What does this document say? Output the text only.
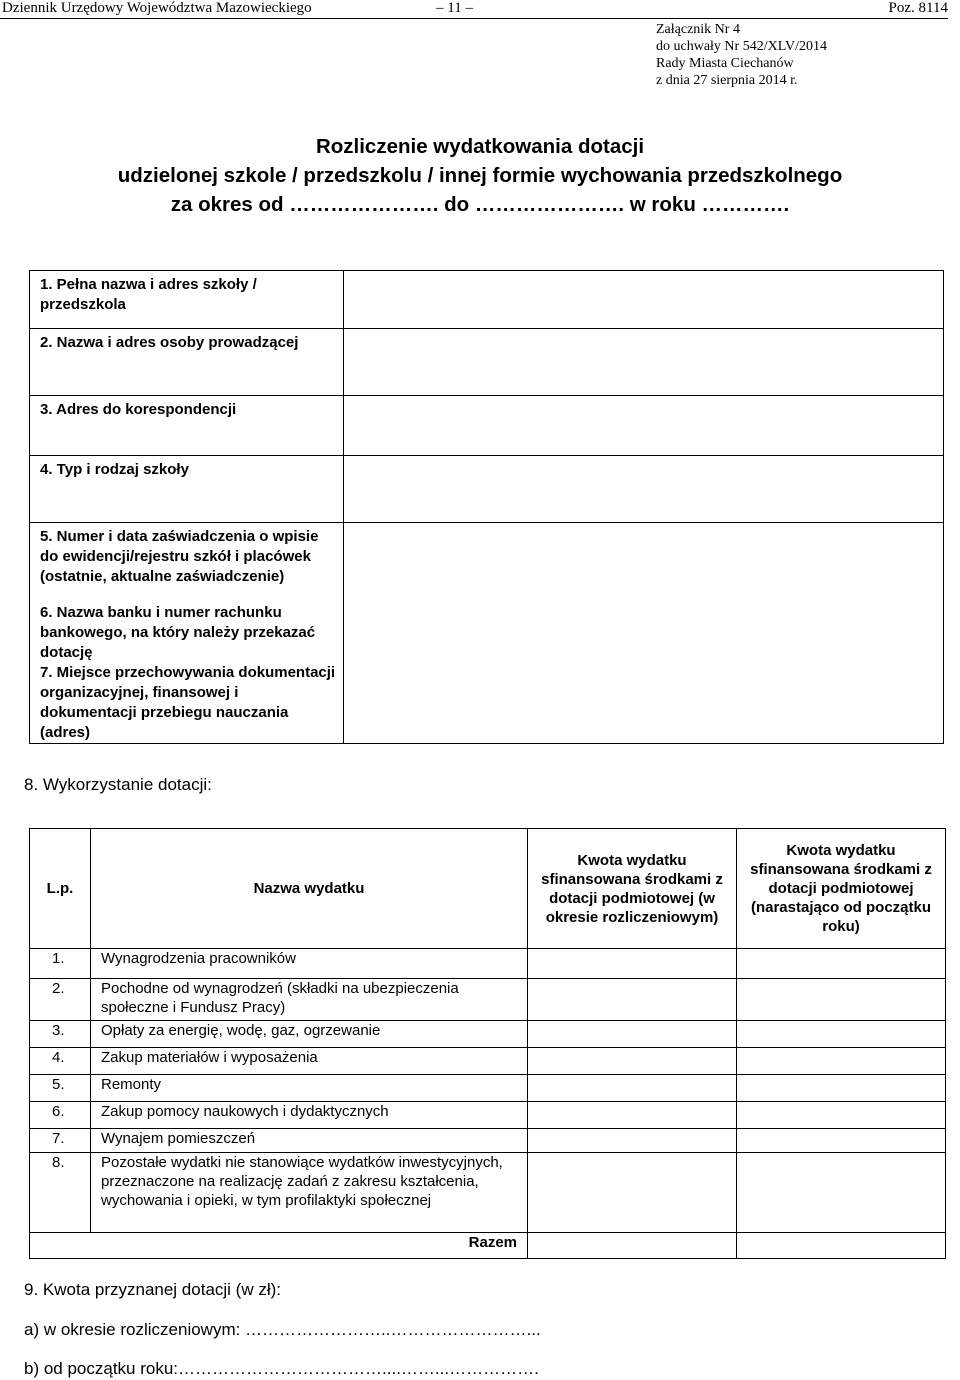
Dziennik Urzędowy Województwa Mazowieckiego	– 11 –	Poz. 8114
Załącznik Nr 4
do uchwały Nr 542/XLV/2014
Rady Miasta Ciechanów
z dnia 27 sierpnia 2014 r.
Rozliczenie wydatkowania dotacji
udzielonej szkole / przedszkolu / innej formie wychowania przedszkolnego
za okres od …………………. do …………………. w roku ………….
1. Pełna nazwa i adres szkoły / przedszkola	
2. Nazwa i adres osoby prowadzącej	
3. Adres do korespondencji	
4. Typ i rodzaj szkoły	
5. Numer i data zaświadczenia o wpisie do ewidencji/rejestru szkół i placówek (ostatnie, aktualne zaświadczenie)	
6. Nazwa banku i numer rachunku bankowego, na który należy przekazać dotację	
7. Miejsce przechowywania dokumentacji organizacyjnej, finansowej i dokumentacji przebiegu nauczania (adres)	
8. Wykorzystanie dotacji:
L.p.	Nazwa wydatku	Kwota wydatku sfinansowana środkami z dotacji podmiotowej (w okresie rozliczeniowym)	Kwota wydatku sfinansowana środkami z dotacji podmiotowej (narastająco od początku roku)
1.	Wynagrodzenia pracowników		
2.	Pochodne od wynagrodzeń (składki na ubezpieczenia społeczne i Fundusz Pracy)		
3.	Opłaty za energię, wodę, gaz, ogrzewanie		
4.	Zakup materiałów i wyposażenia		
5.	Remonty		
6.	Zakup pomocy naukowych i dydaktycznych		
7.	Wynajem pomieszczeń		
8.	Pozostałe wydatki nie stanowiące wydatków inwestycyjnych, przeznaczone na realizację zadań z zakresu kształcenia, wychowania i opieki, w tym profilaktyki społecznej		
	Razem		
9. Kwota przyznanej dotacji (w zł):
a) w okresie rozliczeniowym: ……………………..……………………...
b) od początku roku:………………………………....……...…………….
